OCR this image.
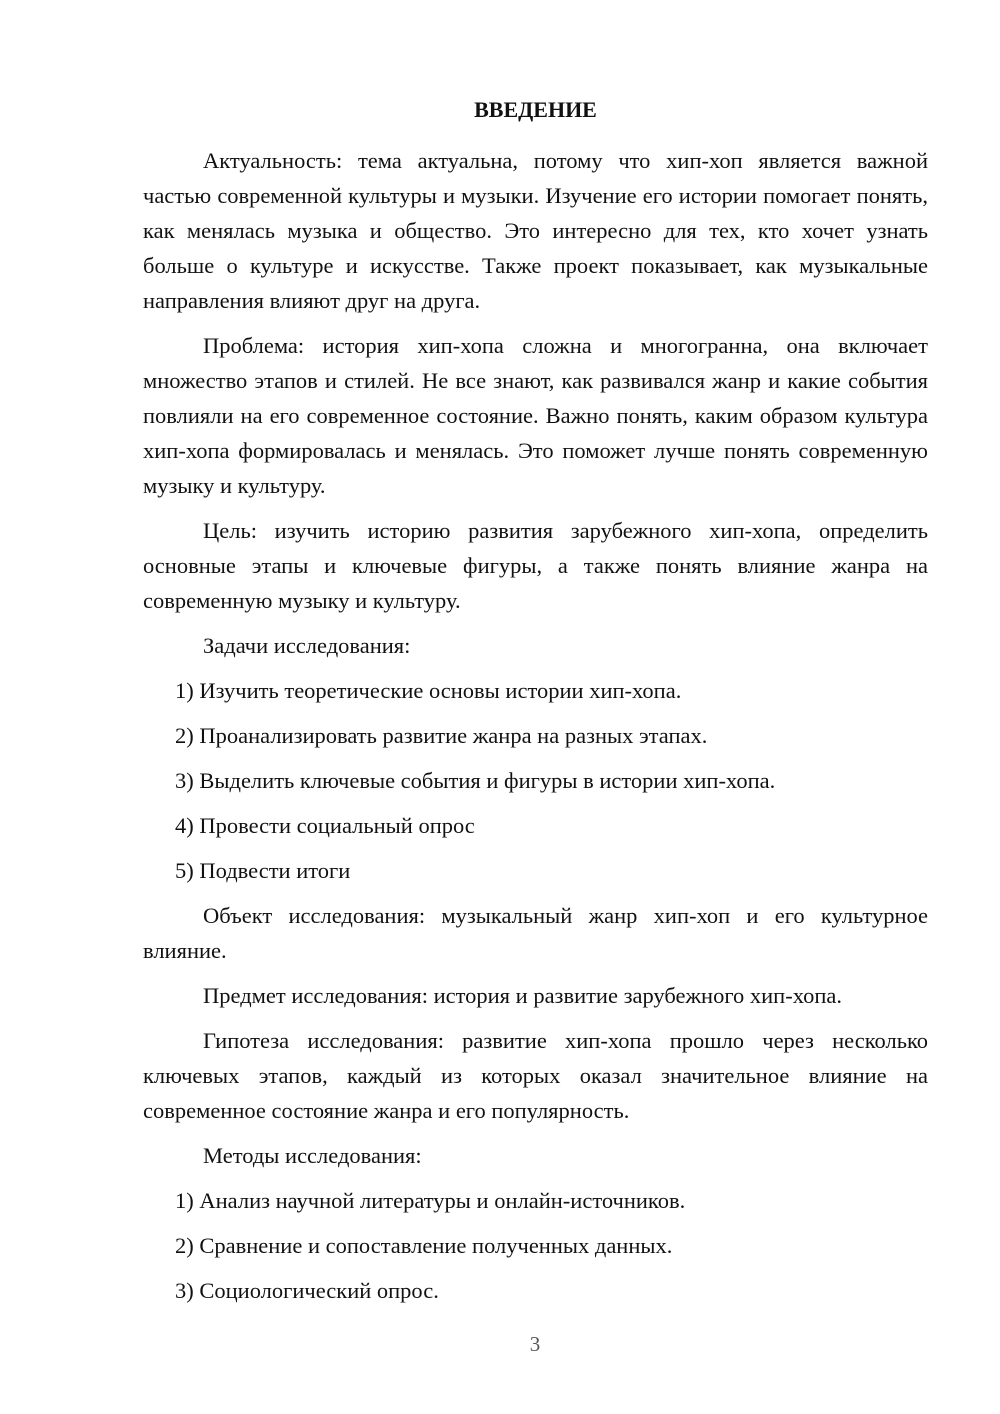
ВВЕДЕНИЕ

Актуальность: тема актуальна, потому что хип-хоп является важной частью современной культуры и музыки. Изучение его истории помогает понять, как менялась музыка и общество. Это интересно для тех, кто хочет узнать больше о культуре и искусстве. Также проект показывает, как музыкальные направления влияют друг на друга.

Проблема: история хип-хопа сложна и многогранна, она включает множество этапов и стилей. Не все знают, как развивался жанр и какие события повлияли на его современное состояние. Важно понять, каким образом культура хип-хопа формировалась и менялась. Это поможет лучше понять современную музыку и культуру.

Цель: изучить историю развития зарубежного хип-хопа, определить основные этапы и ключевые фигуры, а также понять влияние жанра на современную музыку и культуру.

Задачи исследования:

1) Изучить теоретические основы истории хип-хопа.

2) Проанализировать развитие жанра на разных этапах.

3) Выделить ключевые события и фигуры в истории хип-хопа.

4) Провести социальный опрос

5) Подвести итоги

Объект исследования: музыкальный жанр хип-хоп и его культурное влияние.

Предмет исследования: история и развитие зарубежного хип-хопа.

Гипотеза исследования: развитие хип-хопа прошло через несколько ключевых этапов, каждый из которых оказал значительное влияние на современное состояние жанра и его популярность.

Методы исследования:

1) Анализ научной литературы и онлайн-источников.

2) Сравнение и сопоставление полученных данных.

3) Социологический опрос.

3
